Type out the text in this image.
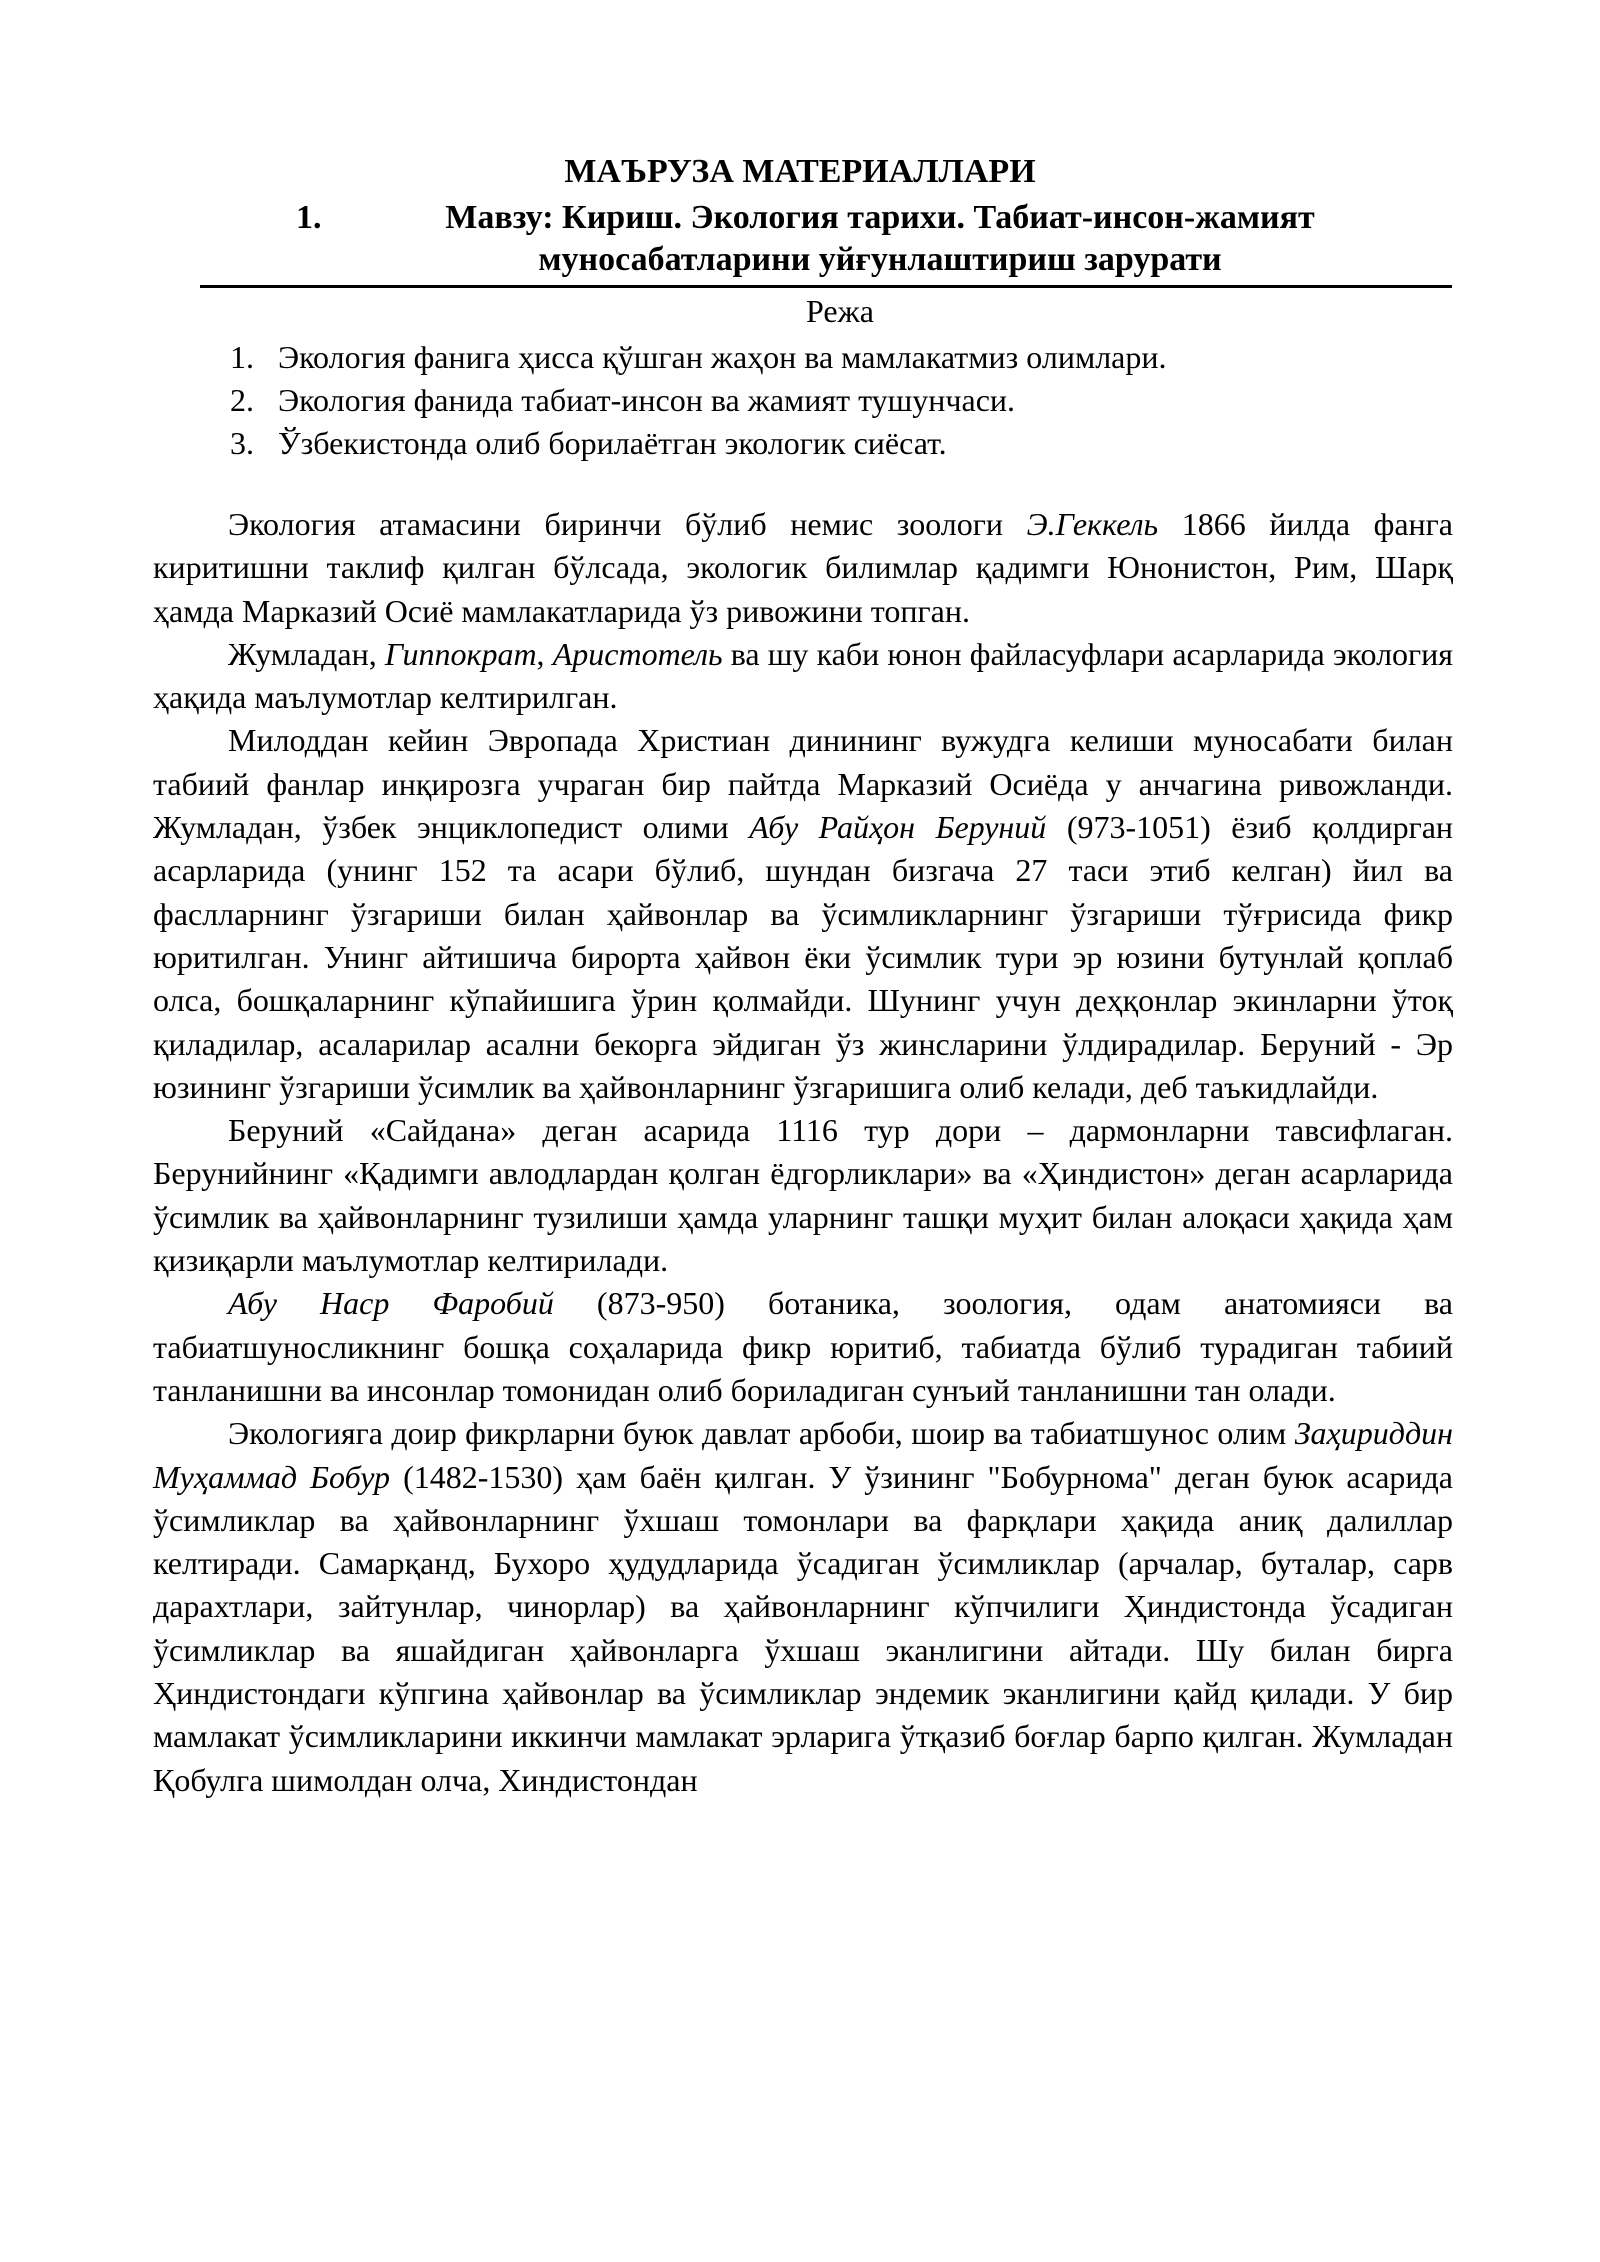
МАЪРУЗА МАТЕРИАЛЛАРИ
1.	Мавзу: Кириш. Экология тарихи. Табиат-инсон-жамият
муносабатларини уйғунлаштириш зарурати
Режа
1. Экология фанига ҳисса қўшган жаҳон ва мамлакатмиз олимлари.
2. Экология фанида табиат-инсон ва жамият тушунчаси.
3. Ўзбекистонда олиб борилаётган экологик сиёсат.

Экология атамасини биринчи бўлиб немис зоологи Э.Геккель 1866 йилда фанга киритишни таклиф қилган бўлсада, экологик билимлар қадимги Юнонистон, Рим, Шарқ ҳамда Марказий Осиё мамлакатларида ўз ривожини топган.

Жумладан, Гиппократ, Аристотель ва шу каби юнон файласуфлари асарларида экология ҳақида маълумотлар келтирилган.

Милоддан кейин Эвропада Христиан динининг вужудга келиши муносабати билан табиий фанлар инқирозга учраган бир пайтда Марказий Осиёда у анчагина ривожланди. Жумладан, ўзбек энциклопедист олими Абу Райҳон Беруний (973-1051) ёзиб қолдирган асарларида (унинг 152 та асари бўлиб, шундан бизгача 27 таси этиб келган) йил ва фаслларнинг ўзгариши билан ҳайвонлар ва ўсимликларнинг ўзгариши тўғрисида фикр юритилган. Унинг айтишича бирорта ҳайвон ёки ўсимлик тури эр юзини бутунлай қоплаб олса, бошқаларнинг кўпайишига ўрин қолмайди. Шунинг учун деҳқонлар экинларни ўтоқ қиладилар, асаларилар асални бекорга эйдиган ўз жинсларини ўлдирадилар. Беруний - Эр юзининг ўзгариши ўсимлик ва ҳайвонларнинг ўзгаришига олиб келади, деб таъкидлайди.

Беруний «Сайдана» деган асарида 1116 тур дори – дармонларни тавсифлаган. Берунийнинг «Қадимги авлодлардан қолган ёдгорликлари» ва «Ҳиндистон» деган асарларида ўсимлик ва ҳайвонларнинг тузилиши ҳамда уларнинг ташқи муҳит билан алоқаси ҳақида ҳам қизиқарли маълумотлар келтирилади.

Абу Наср Фаробий (873-950) ботаника, зоология, одам анатомияси ва табиатшуносликнинг бошқа соҳаларида фикр юритиб, табиатда бўлиб турадиган табиий танланишни ва инсонлар томонидан олиб бориладиган сунъий танланишни тан олади.

Экологияга доир фикрларни буюк давлат арбоби, шоир ва табиатшунос олим Заҳириддин Муҳаммад Бобур (1482-1530) ҳам баён қилган. У ўзининг "Бобурнома" деган буюк асарида ўсимликлар ва ҳайвонларнинг ўхшаш томонлари ва фарқлари ҳақида аниқ далиллар келтиради. Самарқанд, Бухоро ҳудудларида ўсадиган ўсимликлар (арчалар, буталар, сарв дарахтлари, зайтунлар, чинорлар) ва ҳайвонларнинг кўпчилиги Ҳиндистонда ўсадиган ўсимликлар ва яшайдиган ҳайвонларга ўхшаш эканлигини айтади. Шу билан бирга Ҳиндистондаги кўпгина ҳайвонлар ва ўсимликлар эндемик эканлигини қайд қилади. У бир мамлакат ўсимликларини иккинчи мамлакат эрларига ўтқазиб боғлар барпо қилган. Жумладан Қобулга шимолдан олча, Хиндистондан
